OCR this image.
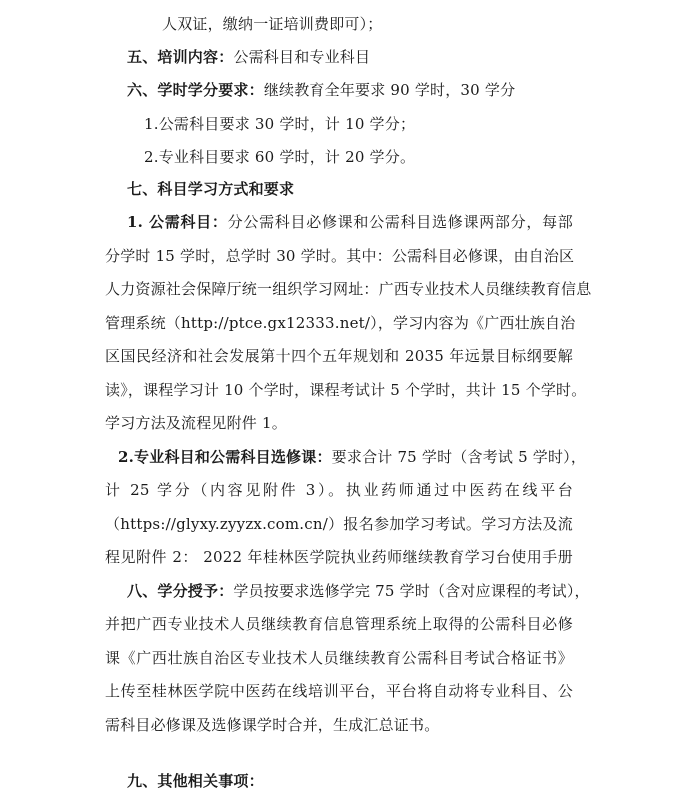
人双证，缴纳一证培训费即可）；
五、培训内容：公需科目和专业科目
六、学时学分要求：继续教育全年要求 90 学时，30 学分
1.公需科目要求 30 学时，计 10 学分；
2.专业科目要求 60 学时，计 20 学分。
七、科目学习方式和要求
1. 公需科目：分公需科目必修课和公需科目选修课两部分，每部
分学时 15 学时，总学时 30 学时。其中：公需科目必修课，由自治区
人力资源社会保障厅统一组织学习网址：广西专业技术人员继续教育信息
管理系统（http://ptce.gx12333.net/），学习内容为《广西壮族自治
区国民经济和社会发展第十四个五年规划和 2035 年远景目标纲要解
读》，课程学习计 10 个学时，课程考试计 5 个学时，共计 15 个学时。
学习方法及流程见附件 1。
2.专业科目和公需科目选修课：要求合计 75 学时（含考试 5 学时），
计 25 学分（内容见附件 3）。执业药师通过中医药在线平台
（https://glyxy.zyyzx.com.cn/）报名参加学习考试。学习方法及流
程见附件 2： 2022 年桂林医学院执业药师继续教育学习台使用手册
八、学分授予：学员按要求选修学完 75 学时（含对应课程的考试），
并把广西专业技术人员继续教育信息管理系统上取得的公需科目必修
课《广西壮族自治区专业技术人员继续教育公需科目考试合格证书》
上传至桂林医学院中医药在线培训平台，平台将自动将专业科目、公
需科目必修课及选修课学时合并，生成汇总证书。
九、其他相关事项：
